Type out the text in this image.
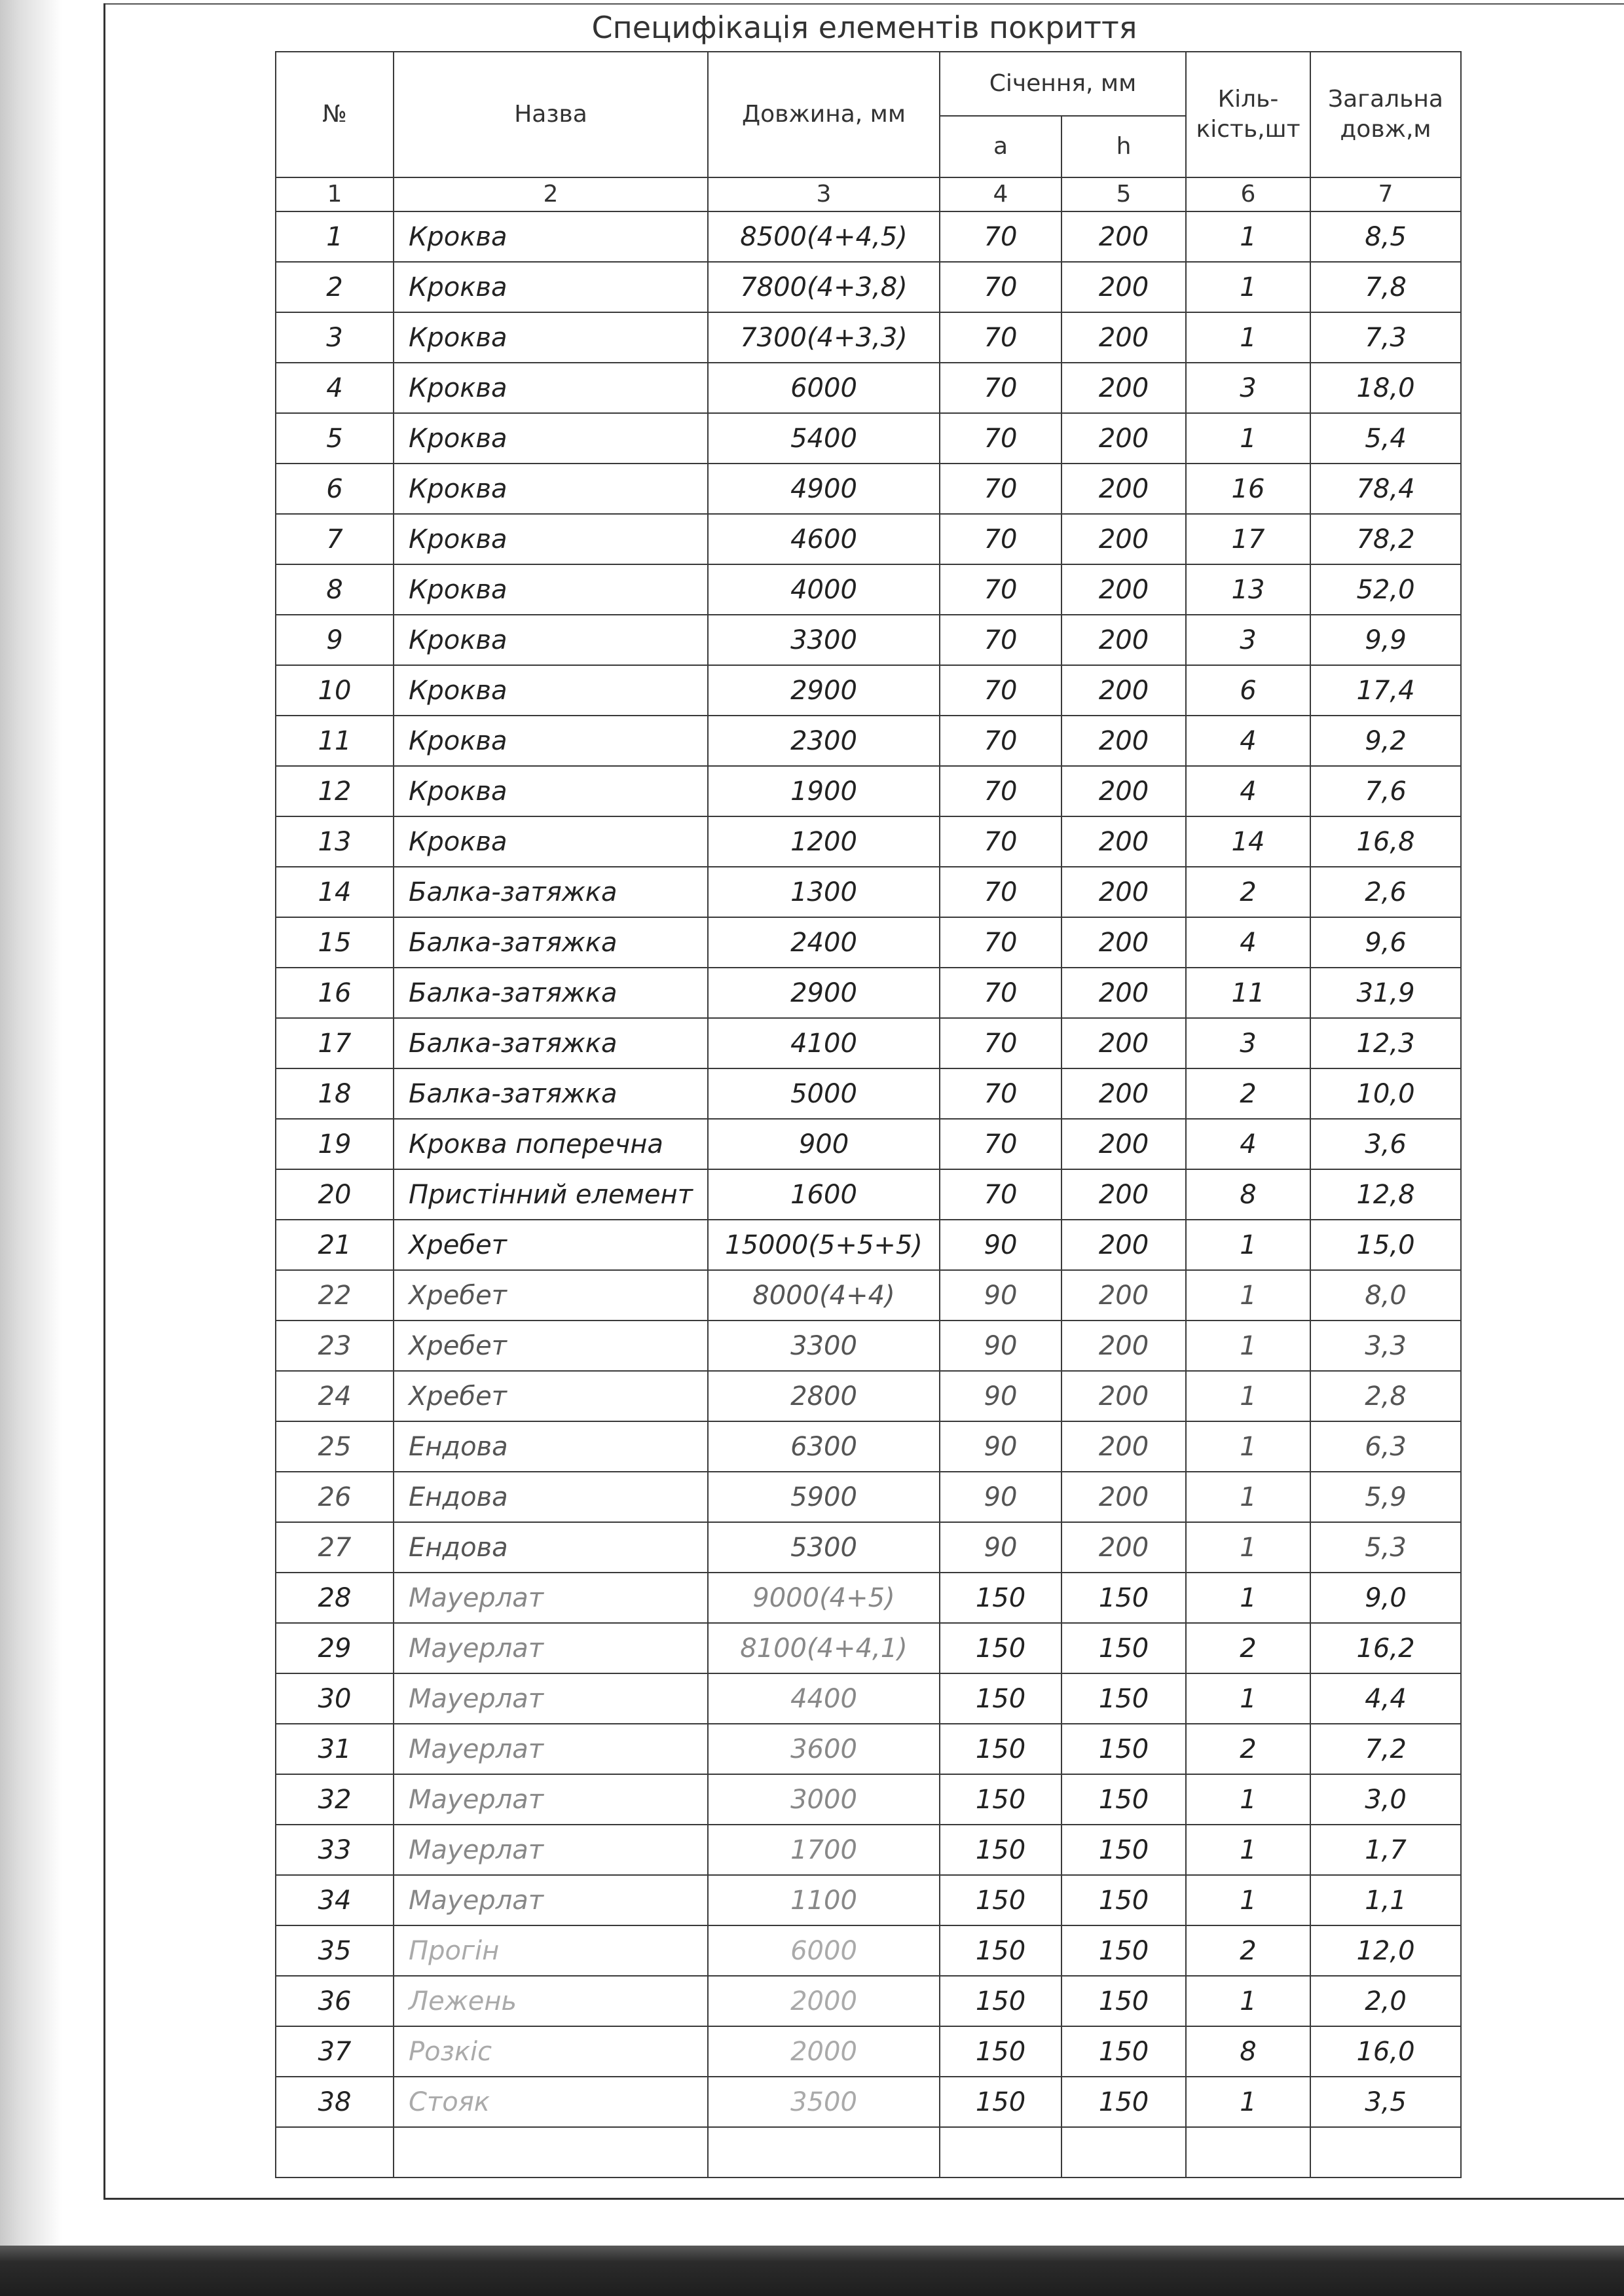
Специфікація елементів покриття
№	Назва	Довжина, мм	Січення, мм		Кіль- кість,шт	Загальна довж,м
			a	h		
1	2	3	4	5	6	7
1	Кроква	8500(4+4,5)	70	200	1	8,5
2	Кроква	7800(4+3,8)	70	200	1	7,8
3	Кроква	7300(4+3,3)	70	200	1	7,3
4	Кроква	6000	70	200	3	18,0
5	Кроква	5400	70	200	1	5,4
6	Кроква	4900	70	200	16	78,4
7	Кроква	4600	70	200	17	78,2
8	Кроква	4000	70	200	13	52,0
9	Кроква	3300	70	200	3	9,9
10	Кроква	2900	70	200	6	17,4
11	Кроква	2300	70	200	4	9,2
12	Кроква	1900	70	200	4	7,6
13	Кроква	1200	70	200	14	16,8
14	Балка-затяжка	1300	70	200	2	2,6
15	Балка-затяжка	2400	70	200	4	9,6
16	Балка-затяжка	2900	70	200	11	31,9
17	Балка-затяжка	4100	70	200	3	12,3
18	Балка-затяжка	5000	70	200	2	10,0
19	Кроква поперечна	900	70	200	4	3,6
20	Пристінний елемент	1600	70	200	8	12,8
21	Хребет	15000(5+5+5)	90	200	1	15,0
22	Хребет	8000(4+4)	90	200	1	8,0
23	Хребет	3300	90	200	1	3,3
24	Хребет	2800	90	200	1	2,8
25	Ендова	6300	90	200	1	6,3
26	Ендова	5900	90	200	1	5,9
27	Ендова	5300	90	200	1	5,3
28	Мауерлат	9000(4+5)	150	150	1	9,0
29	Мауерлат	8100(4+4,1)	150	150	2	16,2
30	Мауерлат	4400	150	150	1	4,4
31	Мауерлат	3600	150	150	2	7,2
32	Мауерлат	3000	150	150	1	3,0
33	Мауерлат	1700	150	150	1	1,7
34	Мауерлат	1100	150	150	1	1,1
35	Прогін	6000	150	150	2	12,0
36	Лежень	2000	150	150	1	2,0
37	Розкіс	2000	150	150	8	16,0
38	Стояк	3500	150	150	1	3,5
